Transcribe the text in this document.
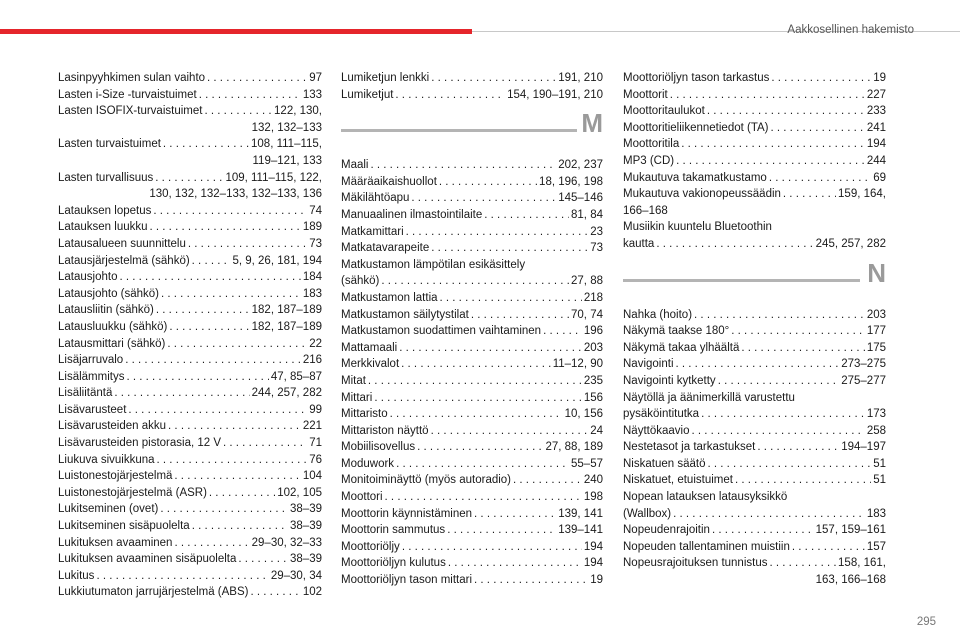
Aakkosellinen hakemisto
Lasinpyyhkimen sulan vaihto . . .	97
Lasten i-Size -turvaistuimet . . .	133
Lasten ISOFIX-turvaistuimet . . .	122, 130,
132, 132–133
Lasten turvaistuimet . . .	108, 111–115,
119–121, 133
Lasten turvallisuus . . .	109, 111–115, 122,
130, 132, 132–133, 132–133, 136
Latauksen lopetus . . .	74
Latauksen luukku . . .	189
Latausalueen suunnittelu . . .	73
Latausjärjestelmä (sähkö) . . .	5, 9, 26, 181, 194
Latausjohto . . .	184
Latausjohto (sähkö) . . .	183
Latausliitin (sähkö) . . .	182, 187–189
Latausluukku (sähkö) . . .	182, 187–189
Latausmittari (sähkö) . . .	22
Lisäjarruvalo . . .	216
Lisälämmitys . . .	47, 85–87
Lisäliitäntä . . .	244, 257, 282
Lisävarusteet . . .	99
Lisävarusteiden akku . . .	221
Lisävarusteiden pistorasia, 12 V . . .	71
Liukuva sivuikkuna . . .	76
Luistonestojärjestelmä . . .	104
Luistonestojärjestelmä (ASR) . . .	102, 105
Lukitseminen (ovet) . . .	38–39
Lukitseminen sisäpuolelta . . .	38–39
Lukituksen avaaminen . . .	29–30, 32–33
Lukituksen avaaminen sisäpuolelta . . .	38–39
Lukitus . . .	29–30, 34
Lukkiutumaton jarrujärjestelmä (ABS) . . .	102
Lumiketjun lenkki . . .	191, 210
Lumiketjut . . .	154, 190–191, 210
M
Maali . . .	202, 237
Määräaikaishuollot . . .	18, 196, 198
Mäkilähtöapu . . .	145–146
Manuaalinen ilmastointilaite . . .	81, 84
Matkamittari . . .	23
Matkatavarapeite . . .	73
Matkustamon lämpötilan esikäsittely
(sähkö) . . .	27, 88
Matkustamon lattia . . .	218
Matkustamon säilytystilat . . .	70, 74
Matkustamon suodattimen vaihtaminen . . .	196
Mattamaali . . .	203
Merkkivalot . . .	11–12, 90
Mitat . . .	235
Mittari . . .	156
Mittaristo . . .	10, 156
Mittariston näyttö . . .	24
Mobiilisovellus . . .	27, 88, 189
Moduwork . . .	55–57
Monitoiminäyttö (myös autoradio) . . .	240
Moottori . . .	198
Moottorin käynnistäminen . . .	139, 141
Moottorin sammutus . . .	139–141
Moottoriöljy . . .	194
Moottoriöljyn kulutus . . .	194
Moottoriöljyn tason mittari . . .	19
Moottoriöljyn tason tarkastus . . .	19
Moottorit . . .	227
Moottoritaulukot . . .	233
Moottoritieliikennetiedot (TA) . . .	241
Moottoritila . . .	194
MP3 (CD) . . .	244
Mukautuva takamatkustamo . . .	69
Mukautuva vakionopeussäädin . . .	159, 164,
166–168
Musiikin kuuntelu Bluetoothin
kautta . . .	245, 257, 282
N
Nahka (hoito) . . .	203
Näkymä taakse 180° . . .	177
Näkymä takaa ylhäältä . . .	175
Navigointi . . .	273–275
Navigointi kytketty . . .	275–277
Näytöllä ja äänimerkillä varustettu
pysäköintitutka . . .	173
Näyttökaavio . . .	258
Nestetasot ja tarkastukset . . .	194–197
Niskatuen säätö . . .	51
Niskatuet, etuistuimet . . .	51
Nopean latauksen latausyksikkö
(Wallbox) . . .	183
Nopeudenrajoitin . . .	157, 159–161
Nopeuden tallentaminen muistiin . . .	157
Nopeusrajoituksen tunnistus . . .	158, 161,
163, 166–168
295
